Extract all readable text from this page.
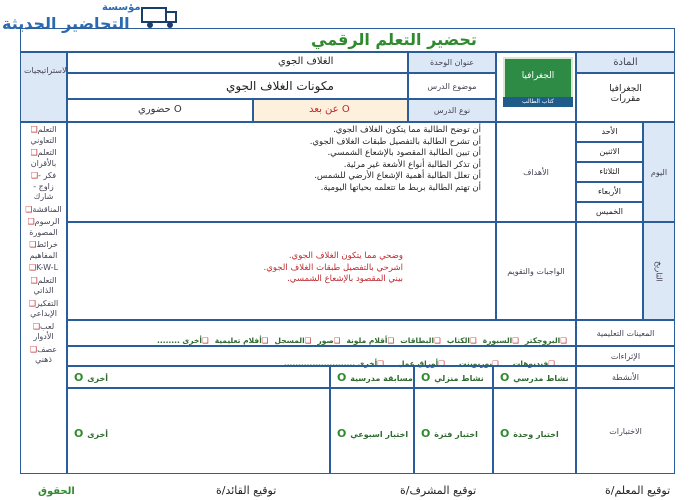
مؤسسة
التحاضير الحديثة
تحضير التعلم الرقمي
الاستراتيجيات
❑التعلم التعاوني
❑التعلم بالأقران
❑فكر - زاوج - شارك
❑المناقشة
❑الرسوم المصورة
❑خرائط المفاهيم
❑K-W-L
❑التعلم الذاتي
❑التفكير الإبداعي
❑لعب الأدوار
❑عصف ذهني
الغلاف الجوي	عنوان الوحدة
مكونات الغلاف الجوي	موضوع الدرس
حضوري O	عن بعد O	نوع الدرس
الجغرافيا
كتاب الطالب
المادة
الجغرافيا
مقررات
اليوم
التاريخ
الأحد
الاثنين
الثلاثاء
الأربعاء
الخميس
أن توضح الطالبة مما يتكون الغلاف الجوي.
أن تشرح الطالبة بالتفصيل طبقات الغلاف الجوي.
أن تبين الطالبة المقصود بالإشعاع الشمسي.
أن تذكر الطالبة أنواع الأشعة غير مرئية.
أن تعلل الطالبة أهمية الإشعاع الأرضي للشمس.
أن تهتم الطالبة بربط ما تتعلمه بحياتها اليومية.
الأهداف
وضحي مما يتكون الغلاف الجوي.
اشرحي بالتفصيل طبقات الغلاف الجوي.
بيني المقصود بالإشعاع الشمسي.
الواجبات والتقويم
❑البروجكتر❑السبورة❑الكتاب❑البطاقات❑أقلام ملونة❑صور❑المسجل❑أفلام تعليمية❑أخرى ........
المعينات التعليمية
❑فيديوهات❑بوربوينت❑أوراق عمل❑أخرى .........................
الإثراءات
O نشاط مدرسي
O نشاط منزلي
O مسابقة مدرسية
O أخرى	الأنشطة
O اختبار وحدة
O اختبار فترة
O اختبار اسبوعي
O أخرى	الاختبارات
توقيع المعلم/ة
توقيع المشرف/ة
توقيع القائد/ة
الحقوق
